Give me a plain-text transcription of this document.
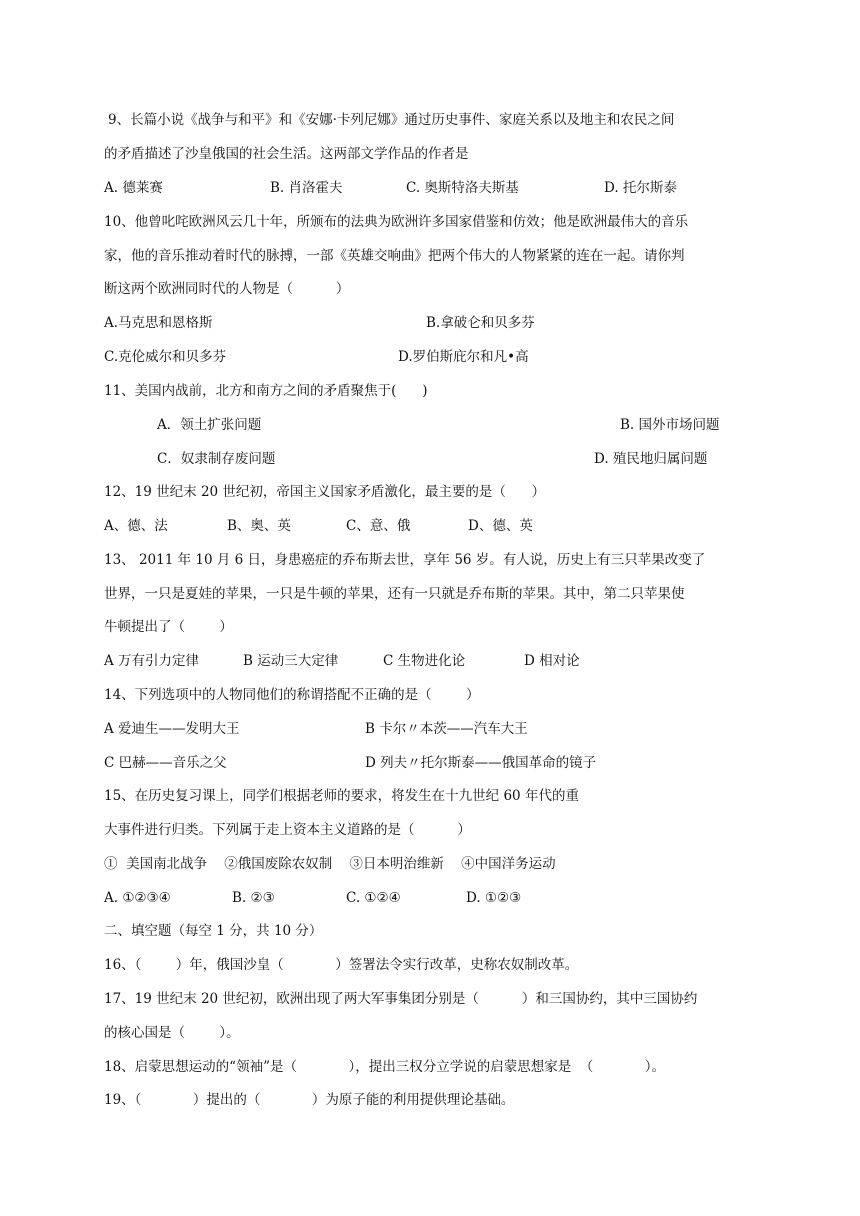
9、长篇小说《战争与和平》和《安娜·卡列尼娜》通过历史事件、家庭关系以及地主和农民之间
的矛盾描述了沙皇俄国的社会生活。这两部文学作品的作者是
A. 德莱赛	B. 肖洛霍夫	C. 奥斯特洛夫斯基	D. 托尔斯泰
10、他曾叱咤欧洲风云几十年，所颁布的法典为欧洲许多国家借鉴和仿效；他是欧洲最伟大的音乐
家，他的音乐推动着时代的脉搏，一部《英雄交响曲》把两个伟大的人物紧紧的连在一起。请你判
断这两个欧洲同时代的人物是（          ）
A.马克思和恩格斯	B.拿破仑和贝多芬
C.克伦威尔和贝多芬	D.罗伯斯庇尔和凡•高
11、美国内战前，北方和南方之间的矛盾聚焦于(      )
A．领土扩张问题	B. 国外市场问题
C．奴隶制存废问题	D. 殖民地归属问题
12、19 世纪末 20 世纪初，帝国主义国家矛盾激化，最主要的是（      ）
A、德、法	B、奥、英	C、意、俄	D、德、英
13、 2011 年 10 月 6 日，身患癌症的乔布斯去世，享年 56 岁。有人说，历史上有三只苹果改变了
世界，一只是夏娃的苹果，一只是牛顿的苹果，还有一只就是乔布斯的苹果。其中，第二只苹果使
牛顿提出了（        ）
A 万有引力定律	B 运动三大定律	C 生物进化论	D 相对论
14、下列选项中的人物同他们的称谓搭配不正确的是（        ）
A 爱迪生——发明大王	B 卡尔〃本茨——汽车大王
C 巴赫——音乐之父	D 列夫〃托尔斯泰——俄国革命的镜子
15、在历史复习课上，同学们根据老师的要求，将发生在十九世纪 60 年代的重
大事件进行归类。下列属于走上资本主义道路的是（          ）
①  美国南北战争    ②俄国废除农奴制    ③日本明治维新    ④中国洋务运动
A. ①②③④	B. ②③	C. ①②④	D. ①②③
二、填空题（每空 1 分，共 10 分）
16、（        ）年，俄国沙皇（            ）签署法令实行改革，史称农奴制改革。
17、19 世纪末 20 世纪初，欧洲出现了两大军事集团分别是（          ）和三国协约，其中三国协约
的核心国是（        ）。
18、启蒙思想运动的“领袖”是（            ），提出三权分立学说的启蒙思想家是  （            ）。
19、（            ）提出的（            ）为原子能的利用提供理论基础。
